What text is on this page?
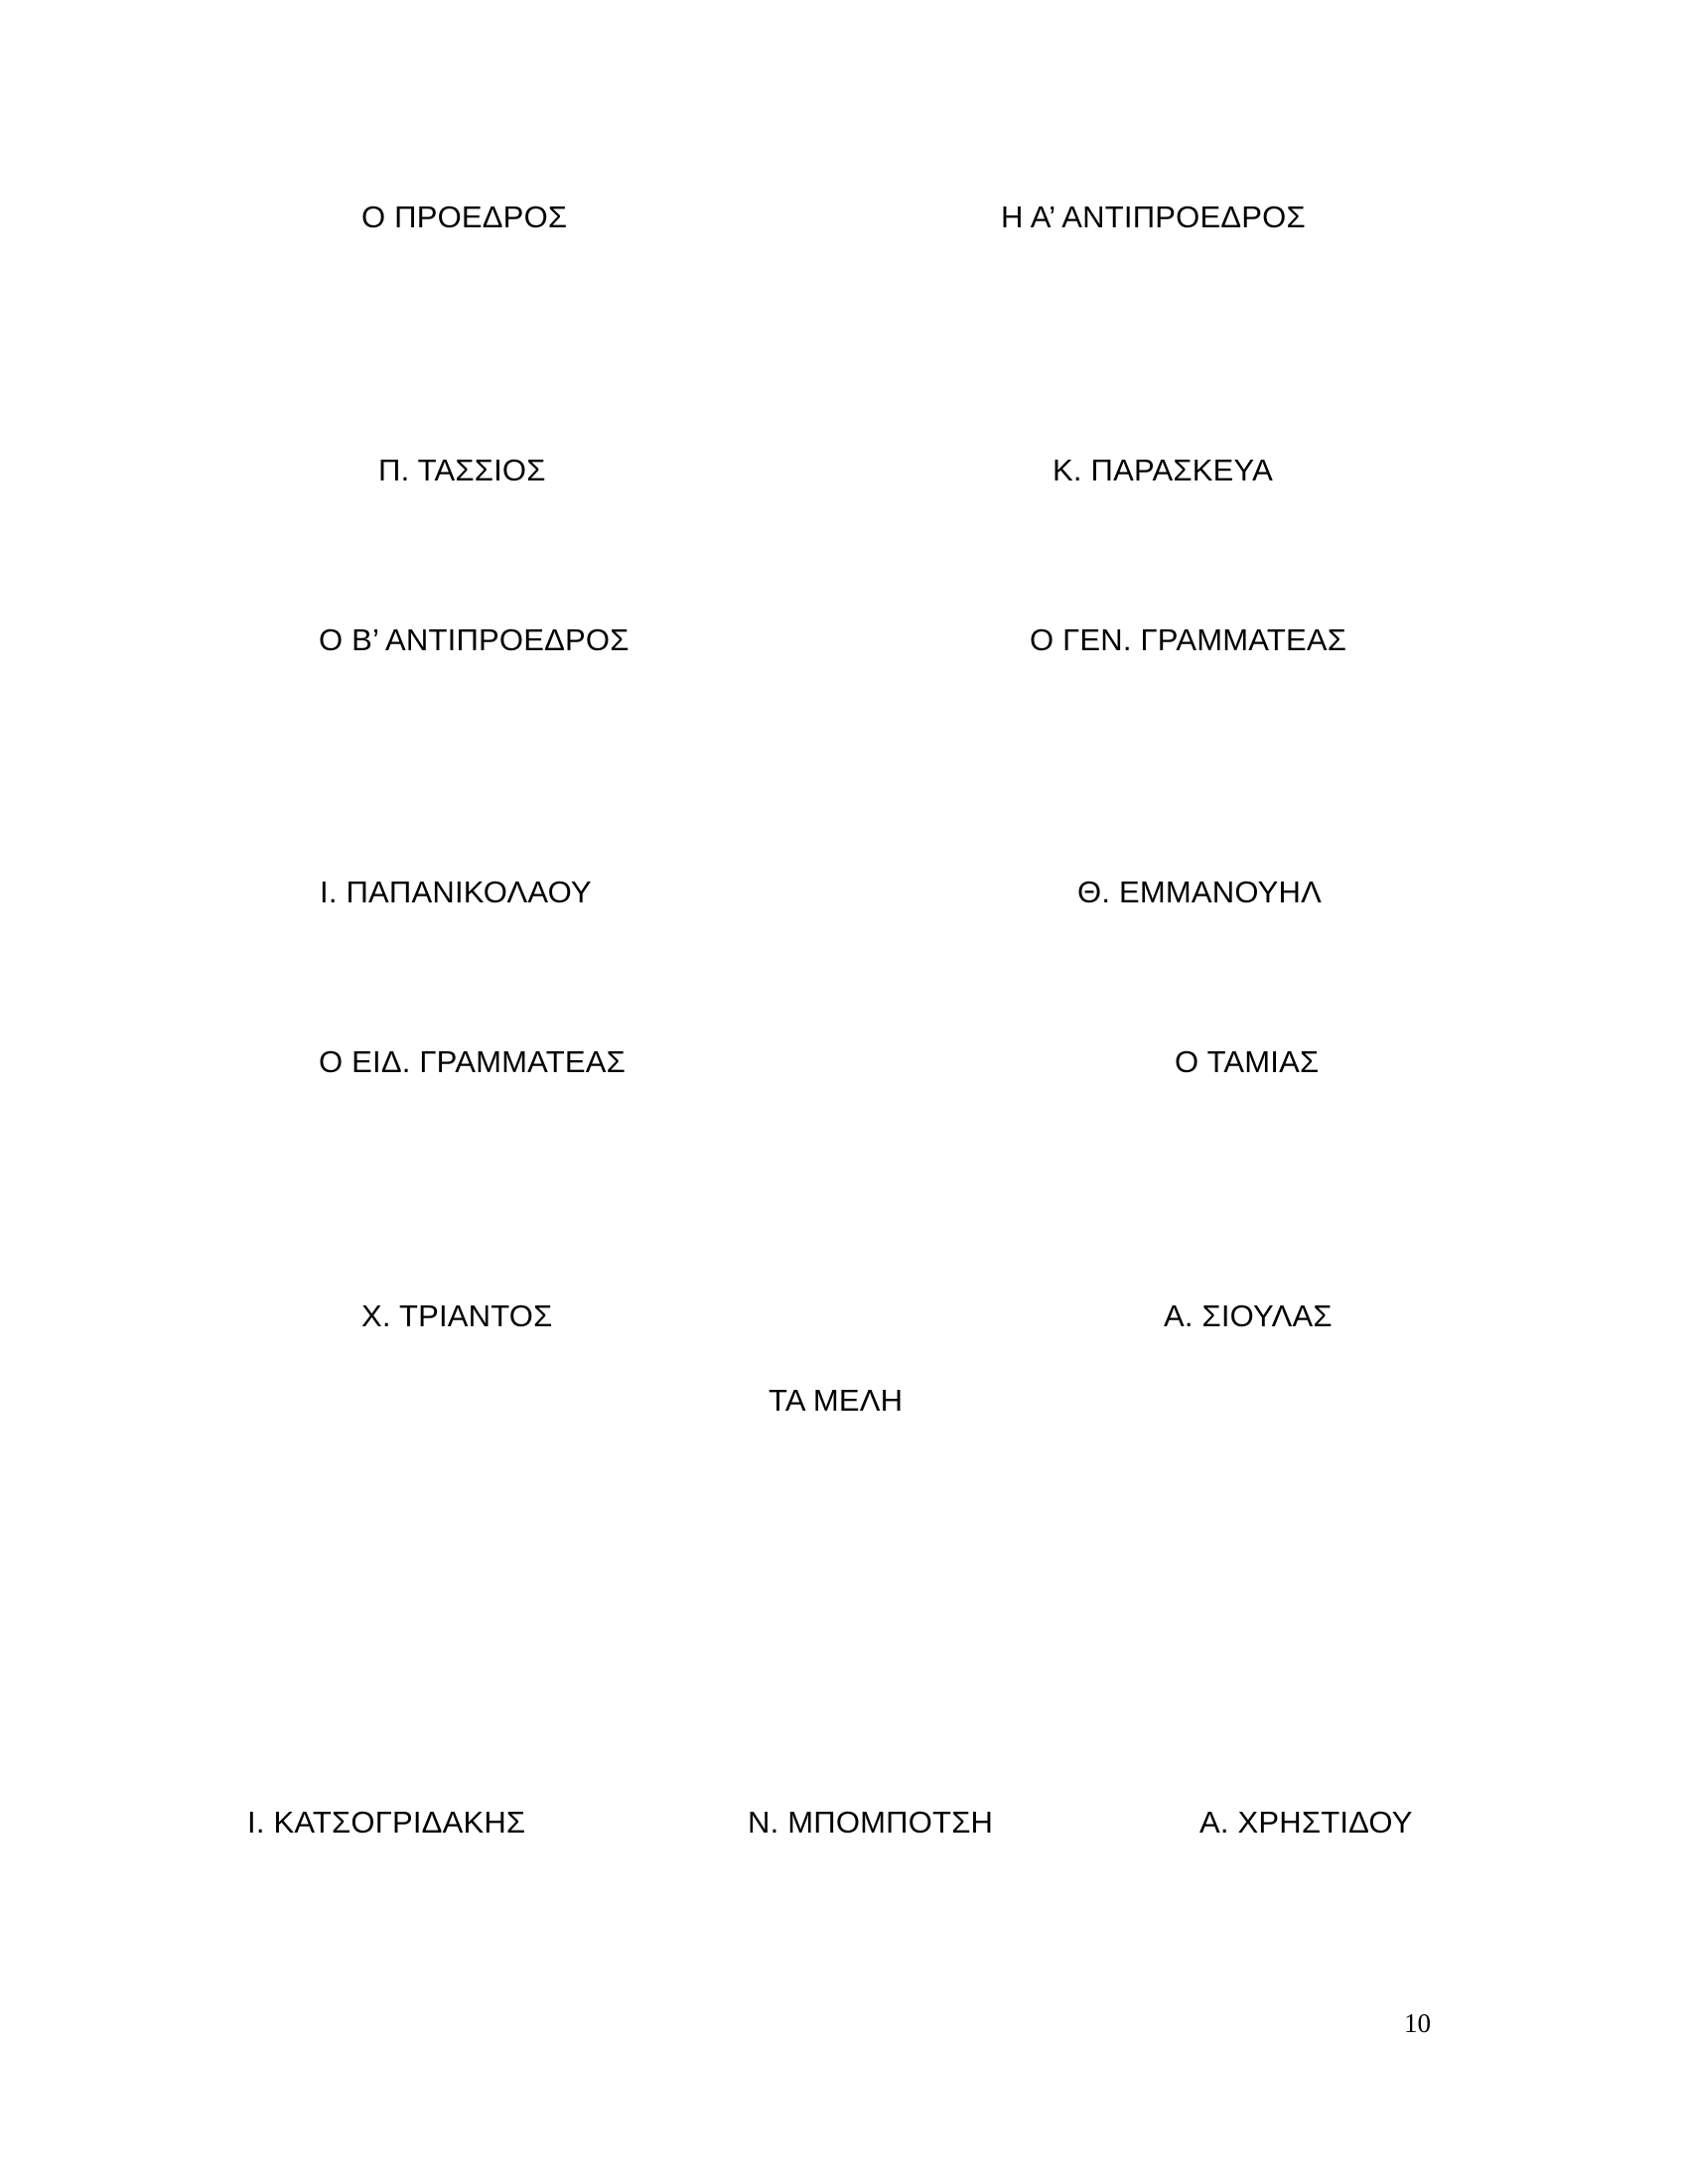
Ο ΠΡΟΕΔΡΟΣ	Η Α’ ΑΝΤΙΠΡΟΕΔΡΟΣ
Π. ΤΑΣΣΙΟΣ	Κ. ΠΑΡΑΣΚΕΥΑ
Ο Β’ ΑΝΤΙΠΡΟΕΔΡΟΣ	Ο ΓΕΝ. ΓΡΑΜΜΑΤΕΑΣ
Ι. ΠΑΠΑΝΙΚΟΛΑΟΥ	Θ. ΕΜΜΑΝΟΥΗΛ
Ο ΕΙΔ. ΓΡΑΜΜΑΤΕΑΣ	Ο ΤΑΜΙΑΣ
Χ. ΤΡΙΑΝΤΟΣ	Α. ΣΙΟΥΛΑΣ
ΤΑ ΜΕΛΗ
Ι. ΚΑΤΣΟΓΡΙΔΑΚΗΣ	Ν. ΜΠΟΜΠΟΤΣΗ	Α. ΧΡΗΣΤΙΔΟΥ
10
